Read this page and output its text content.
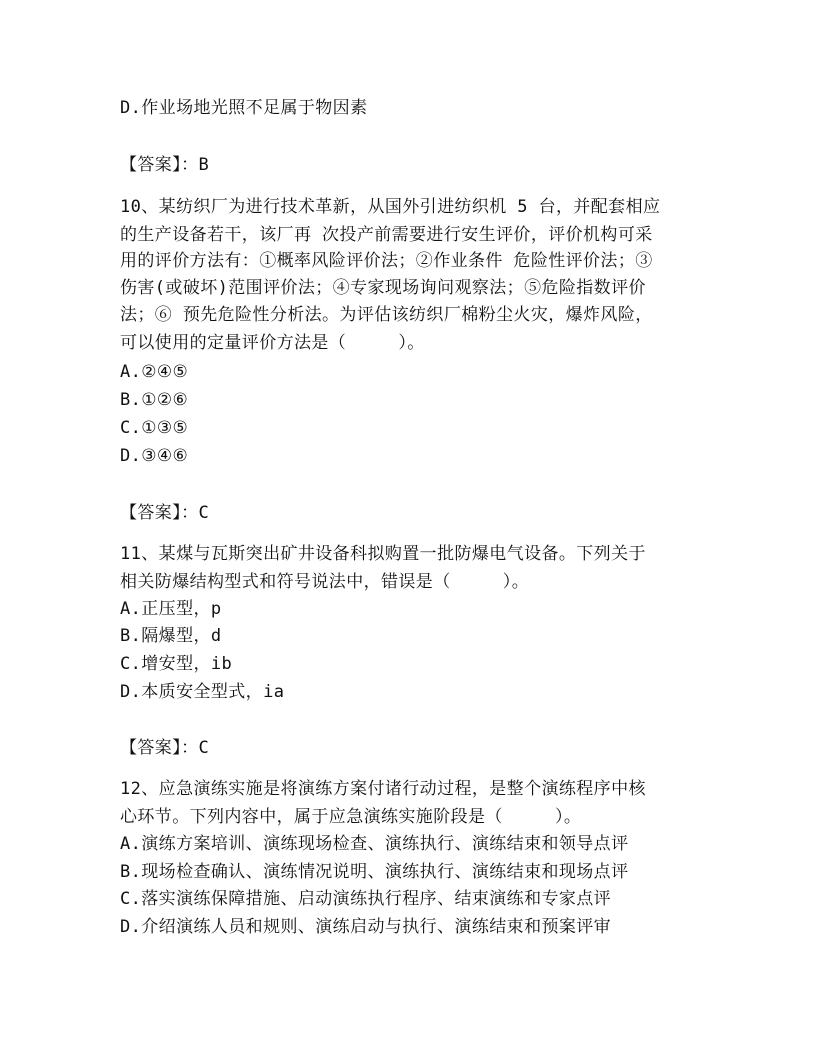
D.作业场地光照不足属于物因素
【答案】：B
10、某纺织厂为进行技术革新，从国外引进纺织机 5 台，并配套相应
的生产设备若干，该厂再 次投产前需要进行安生评价，评价机构可采
用的评价方法有：①概率风险评价法；②作业条件 危险性评价法；③
伤害(或破坏)范围评价法；④专家现场询问观察法；⑤危险指数评价
法；⑥ 预先危险性分析法。为评估该纺织厂棉粉尘火灾，爆炸风险，
可以使用的定量评价方法是（　　　）。
A.②④⑤
B.①②⑥
C.①③⑤
D.③④⑥
【答案】：C
11、某煤与瓦斯突出矿井设备科拟购置一批防爆电气设备。下列关于
相关防爆结构型式和符号说法中，错误是（　　　）。
A.正压型，p
B.隔爆型，d
C.增安型，ib
D.本质安全型式，ia
【答案】：C
12、应急演练实施是将演练方案付诸行动过程，是整个演练程序中核
心环节。下列内容中，属于应急演练实施阶段是（　　　）。
A.演练方案培训、演练现场检查、演练执行、演练结束和领导点评
B.现场检查确认、演练情况说明、演练执行、演练结束和现场点评
C.落实演练保障措施、启动演练执行程序、结束演练和专家点评
D.介绍演练人员和规则、演练启动与执行、演练结束和预案评审
